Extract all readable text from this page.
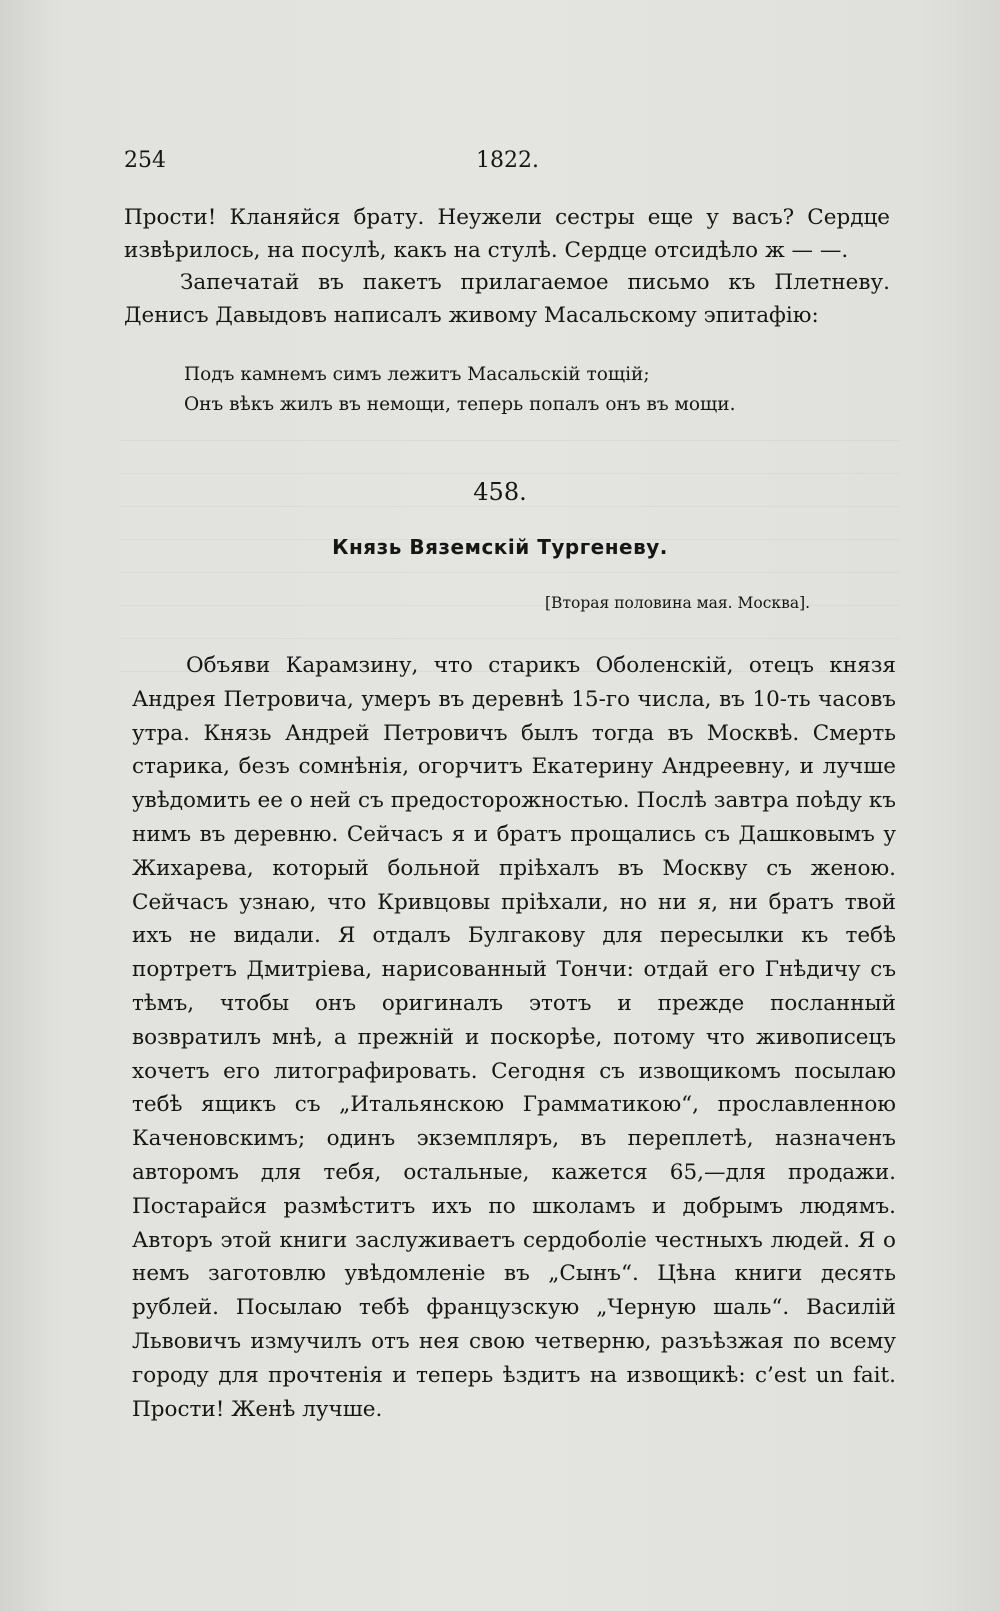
254	1822.

Прости! Кланяйся брату. Неужели сестры еще у васъ? Сердце извѣрилось, на посулѣ, какъ на стулѣ. Сердце отсидѣло ж — —.

Запечатай въ пакетъ прилагаемое письмо къ Плетневу. Денисъ Давыдовъ написалъ живому Масальскому эпитафію:

Подъ камнемъ симъ лежитъ Масальскій тощій;
Онъ вѣкъ жилъ въ немощи, теперь попалъ онъ въ мощи.
458.
Князь Вяземскій Тургеневу.
[Вторая половина мая. Москва].

Объяви Карамзину, что старикъ Оболенскій, отецъ князя Андрея Петровича, умеръ въ деревнѣ 15-го числа, въ 10-ть часовъ утра. Князь Андрей Петровичъ былъ тогда въ Москвѣ. Смерть старика, безъ сомнѣнія, огорчитъ Екатерину Андреевну, и лучше увѣдомить ее о ней съ предосторожностью. Послѣ завтра поѣду къ нимъ въ деревню. Сейчасъ я и братъ прощались съ Дашковымъ у Жихарева, который больной пріѣхалъ въ Москву съ женою. Сейчасъ узнаю, что Кривцовы пріѣхали, но ни я, ни братъ твой ихъ не видали. Я отдалъ Булгакову для пересылки къ тебѣ портретъ Дмитріева, нарисованный Тончи: отдай его Гнѣдичу съ тѣмъ, чтобы онъ оригиналъ этотъ и прежде посланный возвратилъ мнѣ, а прежній и поскорѣе, потому что живописецъ хочетъ его литографировать. Сегодня съ извощикомъ посылаю тебѣ ящикъ съ „Итальянскою Грамматикою“, прославленною Каченовскимъ; одинъ экземпляръ, въ переплетѣ, назначенъ авторомъ для тебя, остальные, кажется 65,—для продажи. Постарайся размѣститъ ихъ по школамъ и добрымъ людямъ. Авторъ этой книги заслуживаетъ сердоболіе честныхъ людей. Я о немъ заготовлю увѣдомленіе въ „Сынъ“. Цѣна книги десять рублей. Посылаю тебѣ французскую „Черную шаль“. Василій Львовичъ измучилъ отъ нея свою четверню, разъѣзжая по всему городу для прочтенія и теперь ѣздитъ на извощикѣ: c’est un fait. Прости! Женѣ лучше.
